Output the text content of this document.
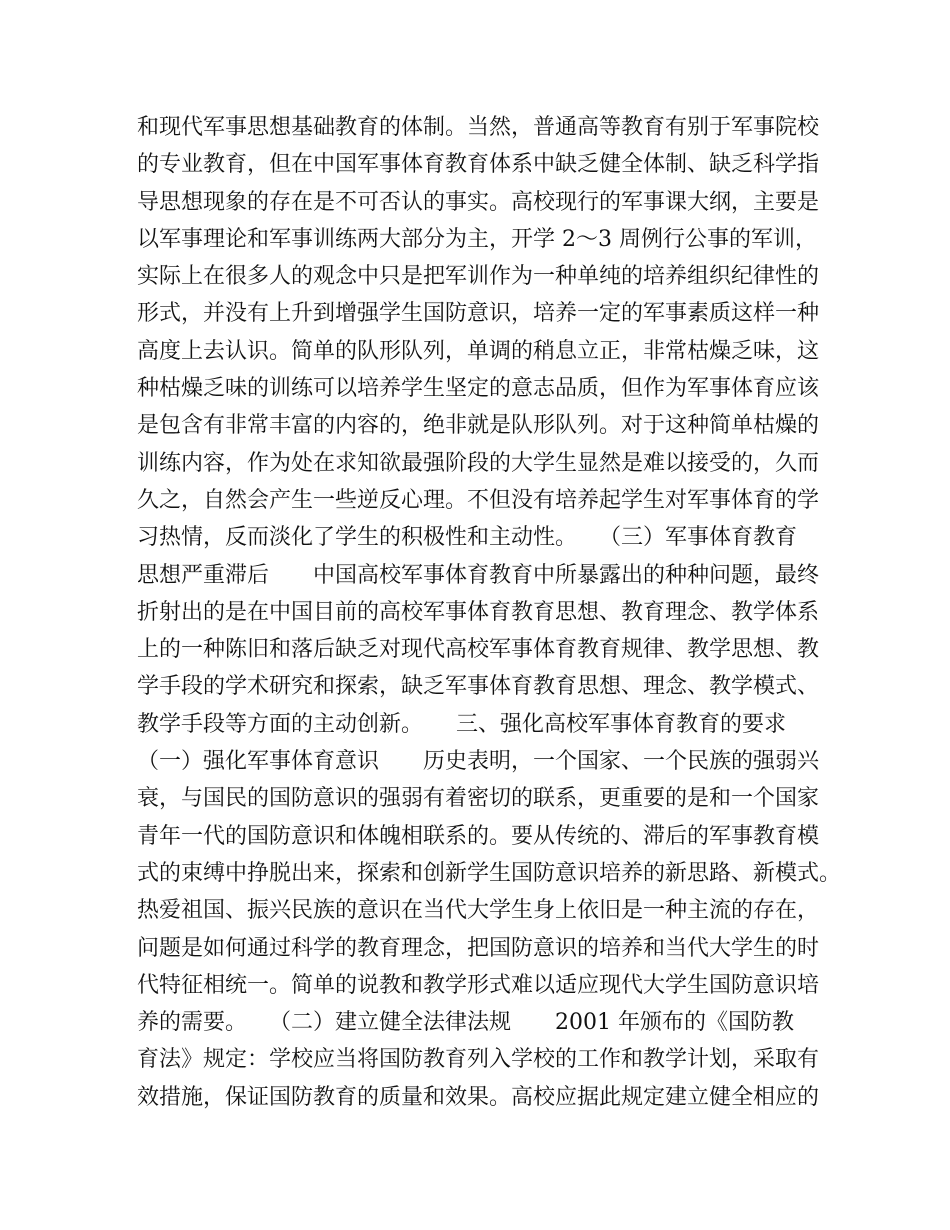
和现代军事思想基础教育的体制。当然，普通高等教育有别于军事院校
的专业教育，但在中国军事体育教育体系中缺乏健全体制、缺乏科学指
导思想现象的存在是不可否认的事实。高校现行的军事课大纲，主要是
以军事理论和军事训练两大部分为主，开学 2～3 周例行公事的军训，
实际上在很多人的观念中只是把军训作为一种单纯的培养组织纪律性的
形式，并没有上升到增强学生国防意识，培养一定的军事素质这样一种
高度上去认识。简单的队形队列，单调的稍息立正，非常枯燥乏味，这
种枯燥乏味的训练可以培养学生坚定的意志品质，但作为军事体育应该
是包含有非常丰富的内容的，绝非就是队形队列。对于这种简单枯燥的
训练内容，作为处在求知欲最强阶段的大学生显然是难以接受的，久而
久之，自然会产生一些逆反心理。不但没有培养起学生对军事体育的学
习热情，反而淡化了学生的积极性和主动性。　　（三）军事体育教育
思想严重滞后　　中国高校军事体育教育中所暴露出的种种问题，最终
折射出的是在中国目前的高校军事体育教育思想、教育理念、教学体系
上的一种陈旧和落后缺乏对现代高校军事体育教育规律、教学思想、教
学手段的学术研究和探索，缺乏军事体育教育思想、理念、教学模式、
教学手段等方面的主动创新。　　三、强化高校军事体育教育的要求
（一）强化军事体育意识　　历史表明，一个国家、一个民族的强弱兴
衰，与国民的国防意识的强弱有着密切的联系，更重要的是和一个国家
青年一代的国防意识和体魄相联系的。要从传统的、滞后的军事教育模
式的束缚中挣脱出来，探索和创新学生国防意识培养的新思路、新模式。
热爱祖国、振兴民族的意识在当代大学生身上依旧是一种主流的存在，
问题是如何通过科学的教育理念，把国防意识的培养和当代大学生的时
代特征相统一。简单的说教和教学形式难以适应现代大学生国防意识培
养的需要。　　（二）建立健全法律法规　　2001 年颁布的《国防教
育法》规定：学校应当将国防教育列入学校的工作和教学计划，采取有
效措施，保证国防教育的质量和效果。高校应据此规定建立健全相应的
